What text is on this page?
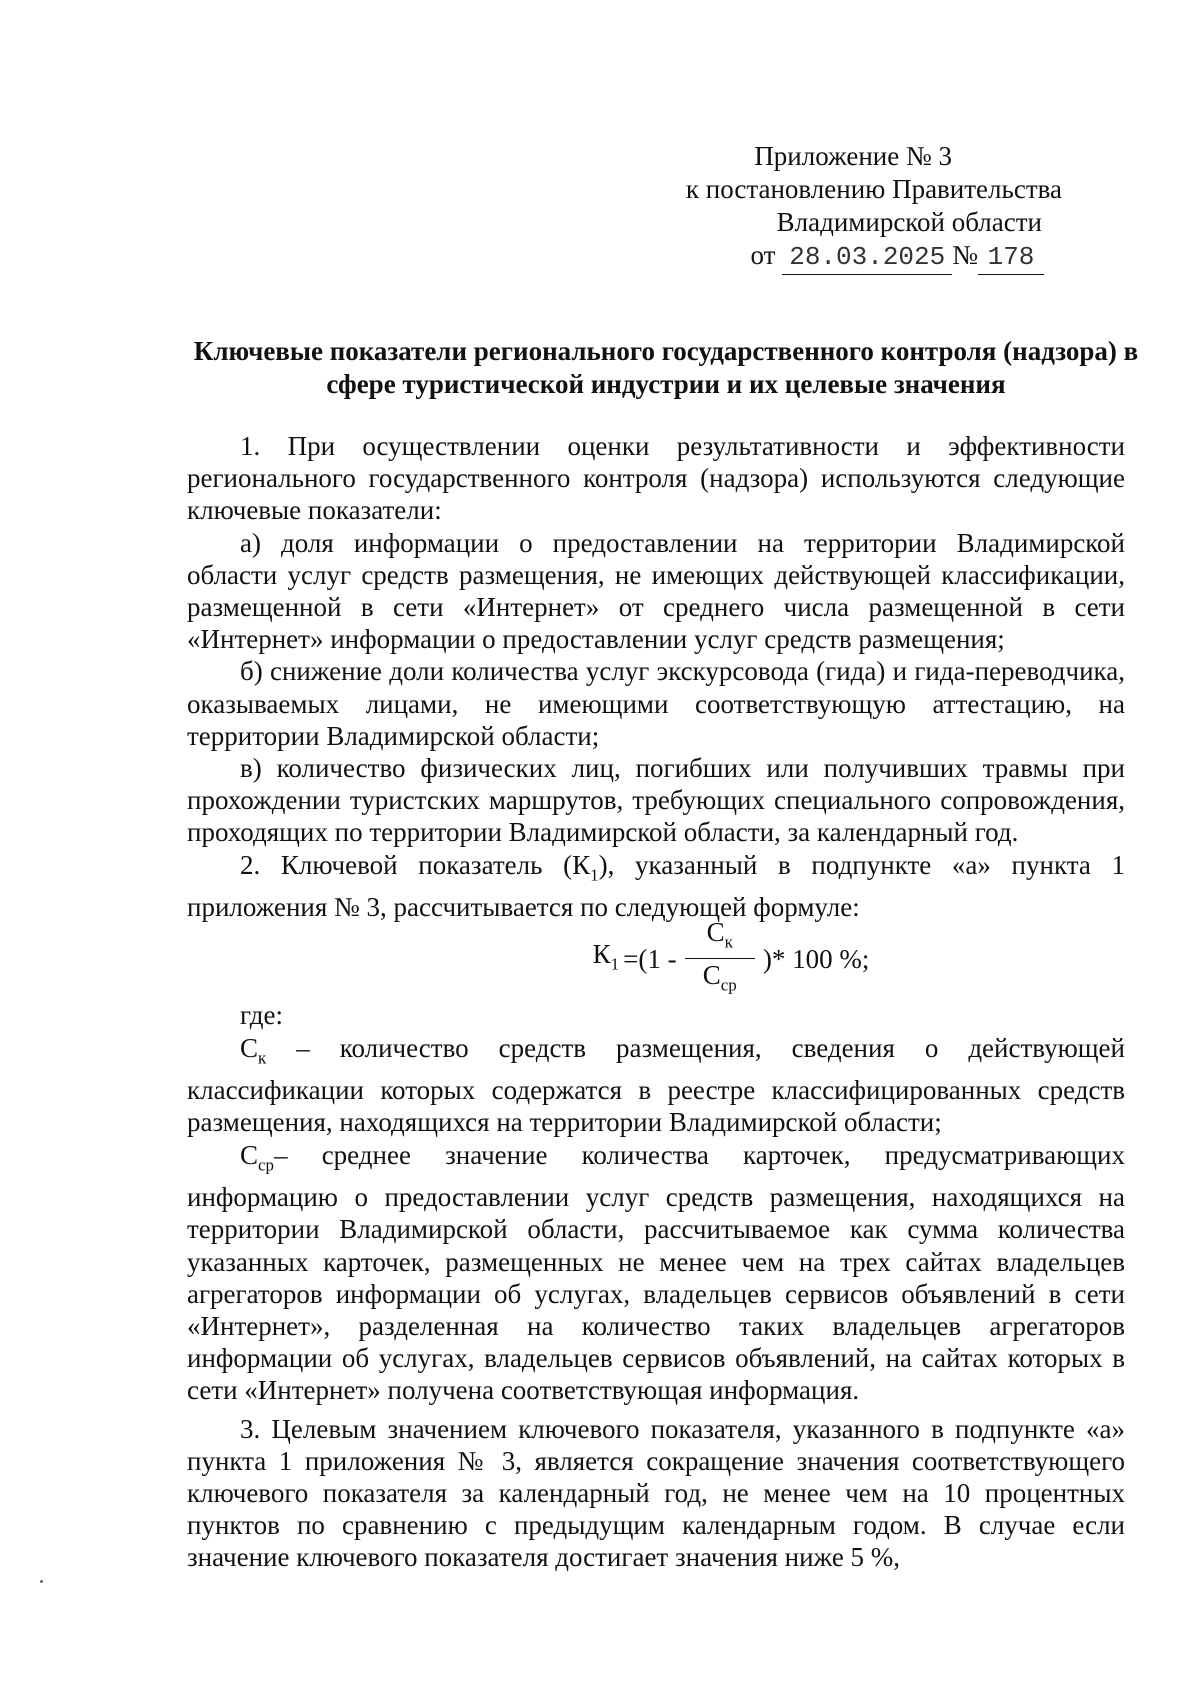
Приложение № 3
к постановлению Правительства
Владимирской области
от 28.03.2025 № 178
Ключевые показатели регионального государственного контроля (надзора) в сфере туристической индустрии и их целевые значения

1. При осуществлении оценки результативности и эффективности регионального государственного контроля (надзора) используются следующие ключевые показатели:

а) доля информации о предоставлении на территории Владимирской области услуг средств размещения, не имеющих действующей классификации, размещенной в сети «Интернет» от среднего числа размещенной в сети «Интернет» информации о предоставлении услуг средств размещения;

б) снижение доли количества услуг экскурсовода (гида) и гида-переводчика, оказываемых лицами, не имеющими соответствующую аттестацию, на территории Владимирской области;

в) количество физических лиц, погибших или получивших травмы при прохождении туристских маршрутов, требующих специального сопровождения, проходящих по территории Владимирской области, за календарный год.

2. Ключевой показатель $(К_1)$, указанный в подпункте «а» пункта 1 приложения № 3, рассчитывается по следующей формуле:

$К_1 =(1 - \frac{С_к}{С_{ср}}$ )* 100 %;

где:

$С_к$ – количество средств размещения, сведения о действующей классификации которых содержатся в реестре классифицированных средств размещения, находящихся на территории Владимирской области;

$С_{ср}-$ среднее значение количества карточек, предусматривающих информацию о предоставлении услуг средств размещения, находящихся на территории Владимирской области, рассчитываемое как сумма количества указанных карточек, размещенных не менее чем на трех сайтах владельцев агрегаторов информации об услугах, владельцев сервисов объявлений в сети «Интернет», разделенная на количество таких владельцев агрегаторов информации об услугах, владельцев сервисов объявлений, на сайтах которых в сети «Интернет» получена соответствующая информация.

3. Целевым значением ключевого показателя, указанного в подпункте «а» пункта 1 приложения № 3, является сокращение значения соответствующего ключевого показателя за календарный год, не менее чем на 10 процентных пунктов по сравнению с предыдущим календарным годом. В случае если значение ключевого показателя достигает значения ниже 5 %,
